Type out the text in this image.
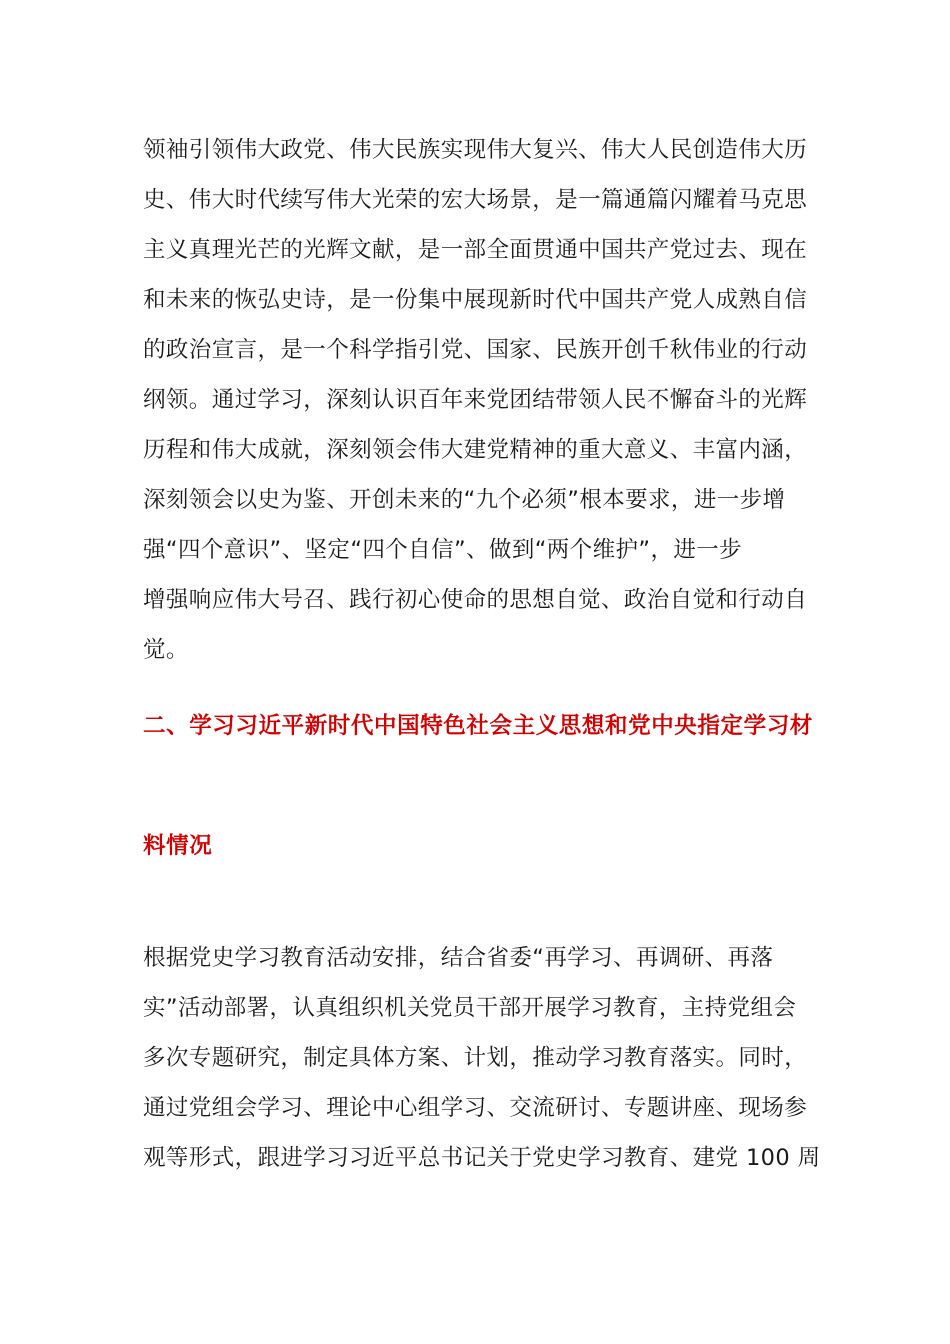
领袖引领伟大政党、伟大民族实现伟大复兴、伟大人民创造伟大历
史、伟大时代续写伟大光荣的宏大场景，是一篇通篇闪耀着马克思
主义真理光芒的光辉文献，是一部全面贯通中国共产党过去、现在
和未来的恢弘史诗，是一份集中展现新时代中国共产党人成熟自信
的政治宣言，是一个科学指引党、国家、民族开创千秋伟业的行动
纲领。通过学习，深刻认识百年来党团结带领人民不懈奋斗的光辉
历程和伟大成就，深刻领会伟大建党精神的重大意义、丰富内涵，
深刻领会以史为鉴、开创未来的“九个必须”根本要求，进一步增
强“四个意识”、坚定“四个自信”、做到“两个维护”，进一步
增强响应伟大号召、践行初心使命的思想自觉、政治自觉和行动自
觉。
二、学习习近平新时代中国特色社会主义思想和党中央指定学习材
料情况
根据党史学习教育活动安排，结合省委“再学习、再调研、再落
实”活动部署，认真组织机关党员干部开展学习教育，主持党组会
多次专题研究，制定具体方案、计划，推动学习教育落实。同时，
通过党组会学习、理论中心组学习、交流研讨、专题讲座、现场参
观等形式，跟进学习习近平总书记关于党史学习教育、建党 100 周
